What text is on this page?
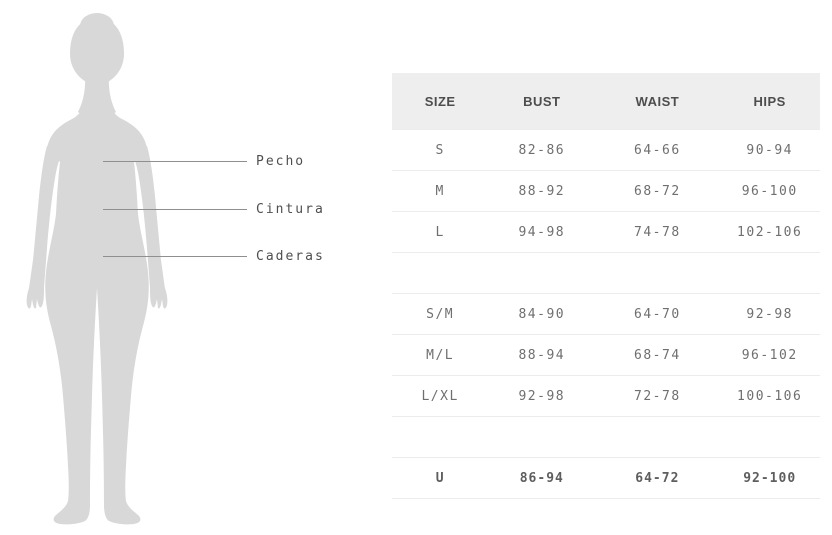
Pecho
Cintura
Caderas
SIZE	BUST	WAIST	HIPS
S	82-86	64-66	90-94
M	88-92	68-72	96-100
L	94-98	74-78	102-106
S/M	84-90	64-70	92-98
M/L	88-94	68-74	96-102
L/XL	92-98	72-78	100-106
U	86-94	64-72	92-100
